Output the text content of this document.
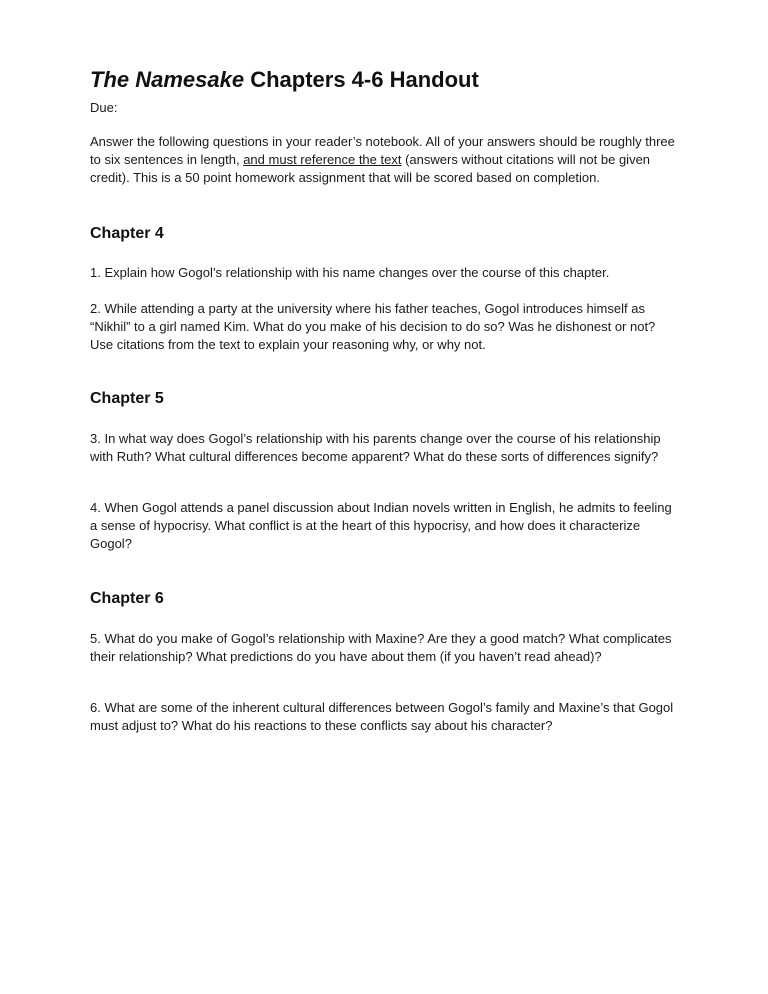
The Namesake Chapters 4-6 Handout
Due:
Answer the following questions in your reader’s notebook. All of your answers should be roughly three to six sentences in length, and must reference the text (answers without citations will not be given credit). This is a 50 point homework assignment that will be scored based on completion.
Chapter 4
1. Explain how Gogol’s relationship with his name changes over the course of this chapter.
2. While attending a party at the university where his father teaches, Gogol introduces himself as “Nikhil” to a girl named Kim. What do you make of his decision to do so? Was he dishonest or not? Use citations from the text to explain your reasoning why, or why not.
Chapter 5
3. In what way does Gogol’s relationship with his parents change over the course of his relationship with Ruth? What cultural differences become apparent? What do these sorts of differences signify?
4. When Gogol attends a panel discussion about Indian novels written in English, he admits to feeling a sense of hypocrisy. What conflict is at the heart of this hypocrisy, and how does it characterize Gogol?
Chapter 6
5. What do you make of Gogol’s relationship with Maxine? Are they a good match? What complicates their relationship? What predictions do you have about them (if you haven’t read ahead)?
6. What are some of the inherent cultural differences between Gogol’s family and Maxine’s that Gogol must adjust to? What do his reactions to these conflicts say about his character?
